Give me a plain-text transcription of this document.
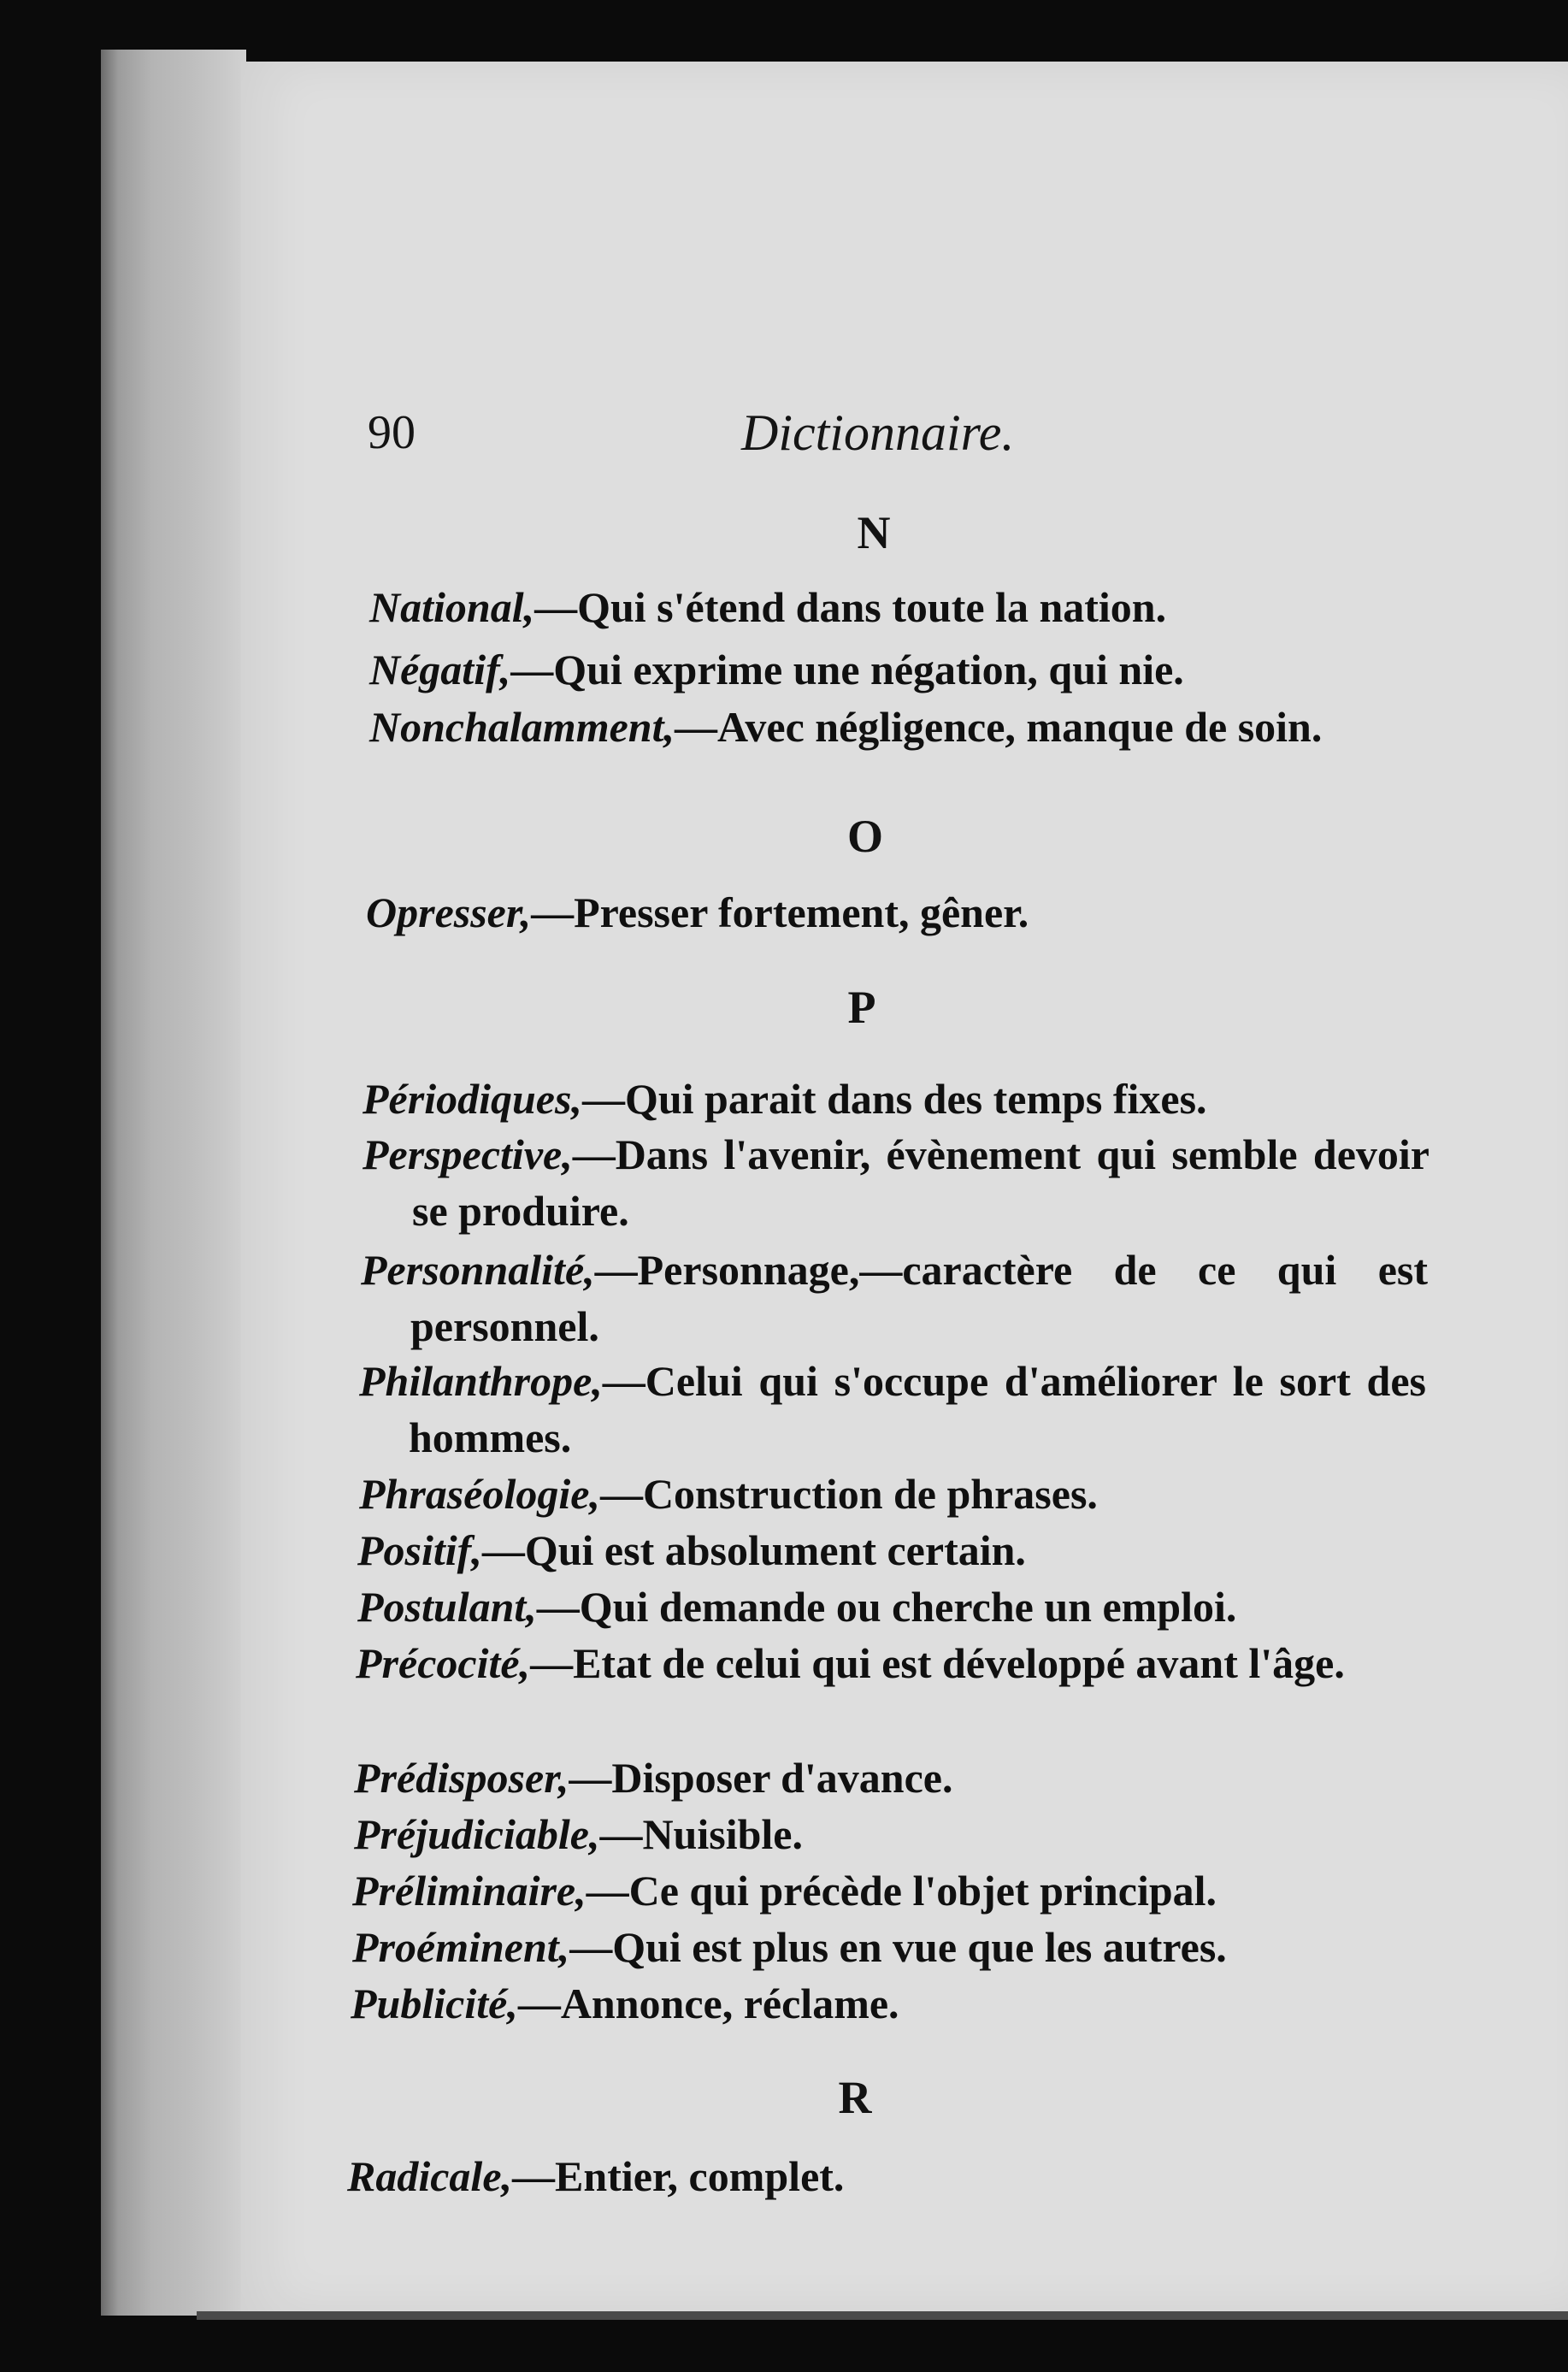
90	Dictionnaire.
N
National,—Qui s'étend dans toute la nation.
Négatif,—Qui exprime une négation, qui nie.
Nonchalamment,—Avec négligence, manque de soin.
O
Opresser,—Presser fortement, gêner.
P
Périodiques,—Qui parait dans des temps fixes.
Perspective,—Dans l'avenir, évènement qui semble devoir se produire.
Personnalité,—Personnage,—caractère de ce qui est personnel.
Philanthrope,—Celui qui s'occupe d'améliorer le sort des hommes.
Phraséologie,—Construction de phrases.
Positif,—Qui est absolument certain.
Postulant,—Qui demande ou cherche un emploi.
Précocité,—Etat de celui qui est développé avant l'âge.
Prédisposer,—Disposer d'avance.
Préjudiciable,—Nuisible.
Préliminaire,—Ce qui précède l'objet principal.
Proéminent,—Qui est plus en vue que les autres.
Publicité,—Annonce, réclame.
R
Radicale,—Entier, complet.
